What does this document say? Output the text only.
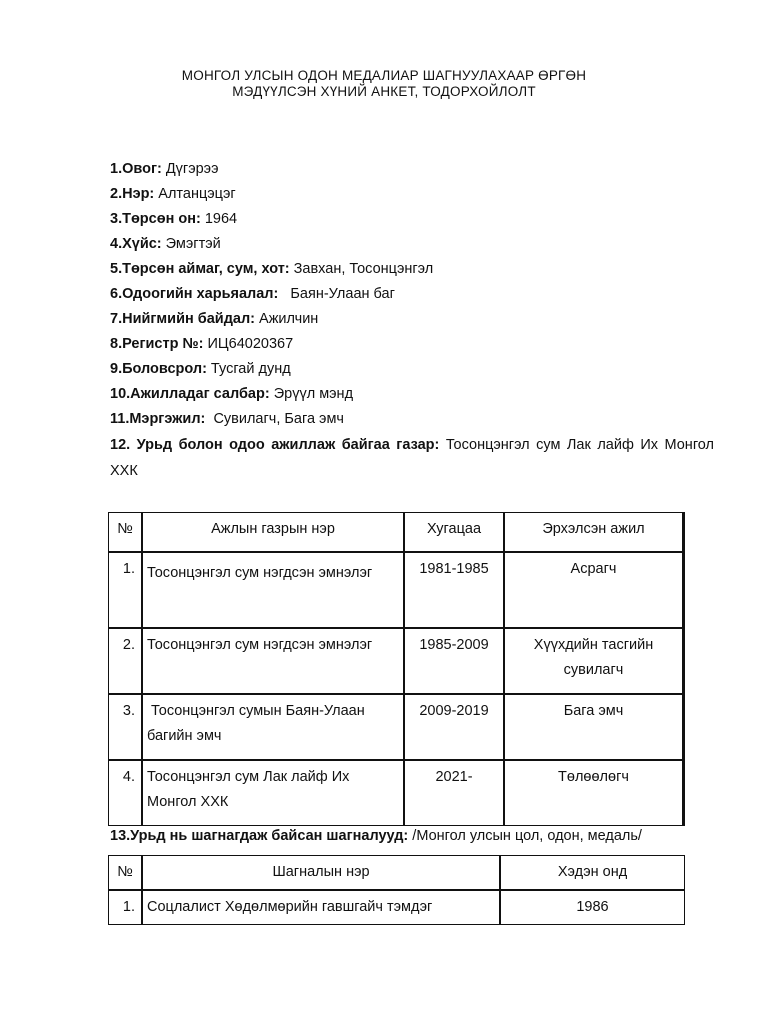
МОНГОЛ УЛСЫН ОДОН МЕДАЛИАР ШАГНУУЛАХААР ӨРГӨН
МЭДҮҮЛСЭН ХҮНИЙ АНКЕТ, ТОДОРХОЙЛОЛТ
1.Овог: Дүгэрээ
2.Нэр: Алтанцэцэг
3.Төрсөн он: 1964
4.Хүйс: Эмэгтэй
5.Төрсөн аймаг, сум, хот: Завхан, Тосонцэнгэл
6.Одоогийн харьяалал:   Баян-Улаан баг
7.Нийгмийн байдал: Ажилчин
8.Регистр №: ИЦ64020367
9.Боловсрол: Тусгай дунд
10.Ажилладаг салбар: Эрүүл мэнд
11.Мэргэжил:  Сувилагч, Бага эмч
12. Урьд болон одоо ажиллаж байгаа газар: Тосонцэнгэл сум Лак лайф Их Монгол ХХК
№	Ажлын газрын нэр	Хугацаа	Эрхэлсэн ажил
1.	Тосонцэнгэл сум нэгдсэн эмнэлэг	1981-1985	Асрагч
2.	Тосонцэнгэл сум нэгдсэн эмнэлэг	1985-2009	Хүүхдийн тасгийн сувилагч
3.	Тосонцэнгэл сумын Баян-Улаан багийн эмч	2009-2019	Бага эмч
4.	Тосонцэнгэл сум Лак лайф Их Монгол ХХК	2021-	Төлөөлөгч
13.Урьд нь шагнагдаж байсан шагналууд: /Монгол улсын цол, одон, медаль/
№	Шагналын нэр	Хэдэн онд
1.	Соцлалист Хөдөлмөрийн гавшгайч тэмдэг	1986
